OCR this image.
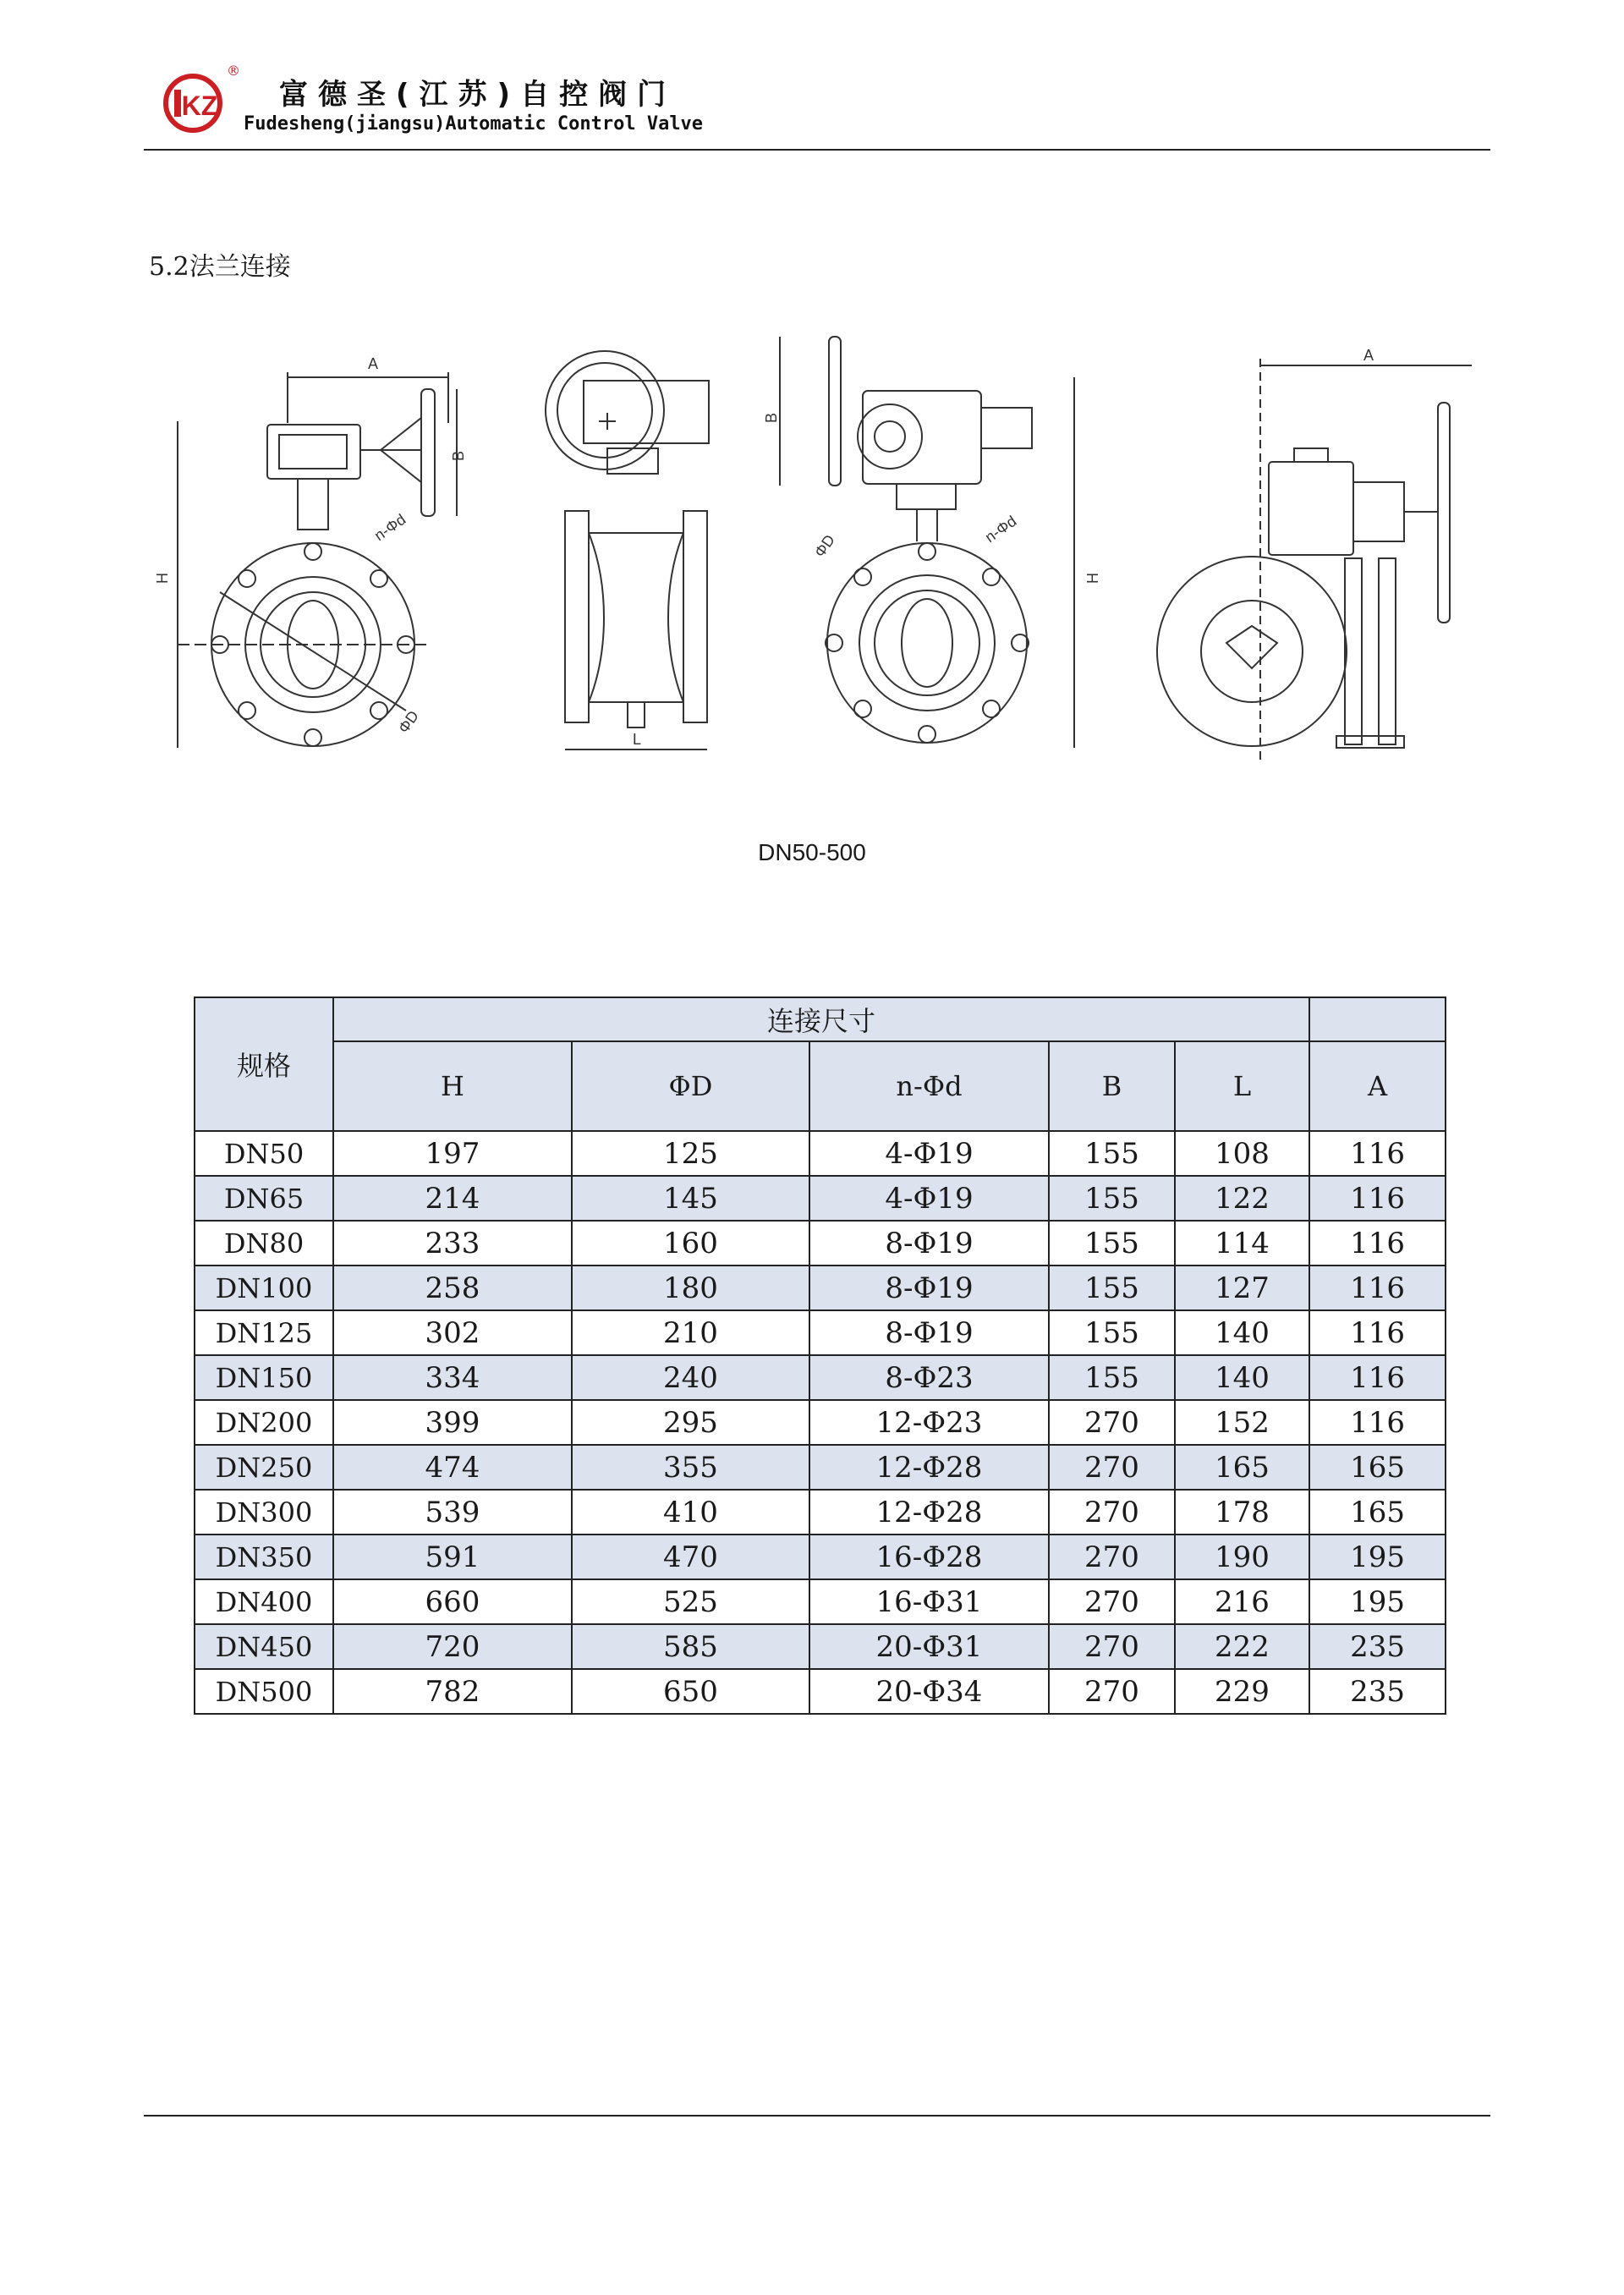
KZ
®
富德圣(江苏)自控阀门
Fudesheng(jiangsu)Automatic Control Valve
5.2法兰连接
A
B
H
n-Φd
ΦD
L
B
H
ΦD
n-Φd
A
DN50-500
规格	连接尺寸					
	H	ΦD	n-Φd	B	L	A
DN50	197	125	4-Φ19	155	108	116
DN65	214	145	4-Φ19	155	122	116
DN80	233	160	8-Φ19	155	114	116
DN100	258	180	8-Φ19	155	127	116
DN125	302	210	8-Φ19	155	140	116
DN150	334	240	8-Φ23	155	140	116
DN200	399	295	12-Φ23	270	152	116
DN250	474	355	12-Φ28	270	165	165
DN300	539	410	12-Φ28	270	178	165
DN350	591	470	16-Φ28	270	190	195
DN400	660	525	16-Φ31	270	216	195
DN450	720	585	20-Φ31	270	222	235
DN500	782	650	20-Φ34	270	229	235
